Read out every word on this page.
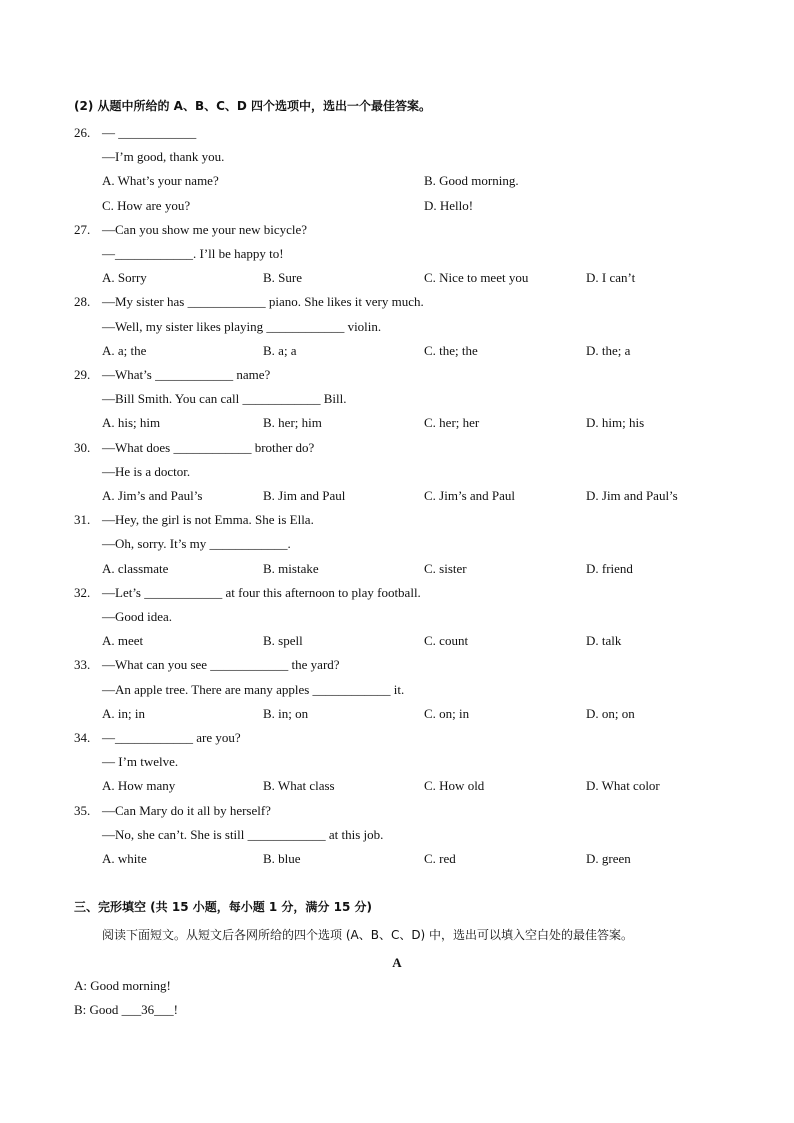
(2) 从题中所给的 A、B、C、D 四个选项中，选出一个最佳答案。
26. — ____________
—I’m good, thank you.
A. What’s your name?	B. Good morning.
C. How are you?	D. Hello!
27. —Can you show me your new bicycle?
—____________. I’ll be happy to!
A. Sorry	B. Sure	C. Nice to meet you	D. I can’t
28. —My sister has ____________ piano. She likes it very much.
—Well, my sister likes playing ____________ violin.
A. a; the	B. a; a	C. the; the	D. the; a
29. —What’s ____________ name?
—Bill Smith. You can call ____________ Bill.
A. his; him	B. her; him	C. her; her	D. him; his
30. —What does ____________ brother do?
—He is a doctor.
A. Jim’s and Paul’s	B. Jim and Paul	C. Jim’s and Paul	D. Jim and Paul’s
31. —Hey, the girl is not Emma. She is Ella.
—Oh, sorry. It’s my ____________.
A. classmate	B. mistake	C. sister	D. friend
32. —Let’s ____________ at four this afternoon to play football.
—Good idea.
A. meet	B. spell	C. count	D. talk
33. —What can you see ____________ the yard?
—An apple tree. There are many apples ____________ it.
A. in; in	B. in; on	C. on; in	D. on; on
34. —____________ are you?
— I’m twelve.
A. How many	B. What class	C. How old	D. What color
35. —Can Mary do it all by herself?
—No, she can’t. She is still ____________ at this job.
A. white	B. blue	C. red	D. green
三、完形填空 (共 15 小题，每小题 1 分，满分 15 分)
阅读下面短文。从短文后各网所给的四个选项 (A、B、C、D) 中，选出可以填入空白处的最佳答案。
A
A: Good morning!
B: Good ___36___!
